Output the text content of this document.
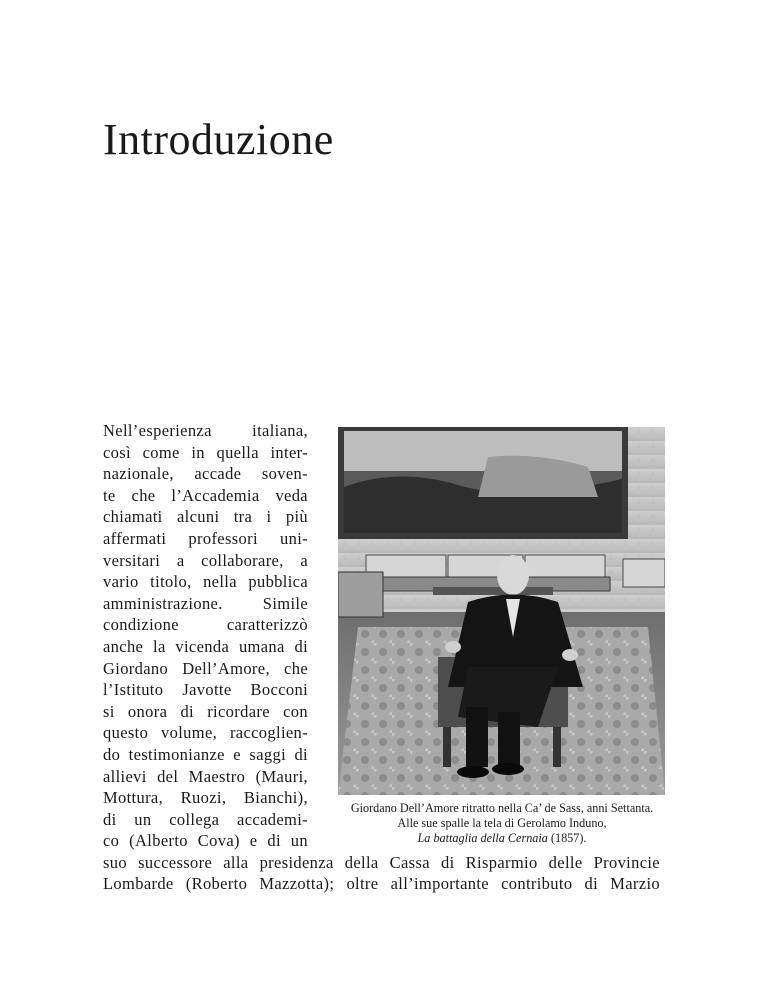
Introduzione
Nell’esperienza italiana,
così come in quella inter-
nazionale, accade soven-
te che l’Accademia veda
chiamati alcuni tra i più
affermati professori uni-
versitari a collaborare, a
vario titolo, nella pubblica
amministrazione. Simile
condizione caratterizzò
anche la vicenda umana di
Giordano Dell’Amore, che
l’Istituto Javotte Bocconi
si onora di ricordare con
questo volume, raccoglien-
do testimonianze e saggi di
allievi del Maestro (Mauri,
Mottura, Ruozi, Bianchi),
di un collega accademi-
co (Alberto Cova) e di un
suo successore alla presidenza della Cassa di Risparmio delle Provincie
Lombarde (Roberto Mazzotta); oltre all’importante contributo di Marzio
Giordano Dell’Amore ritratto nella Ca’ de Sass, anni Settanta.
Alle sue spalle la tela di Gerolamo Induno,
La battaglia della Cernaia (1857).
